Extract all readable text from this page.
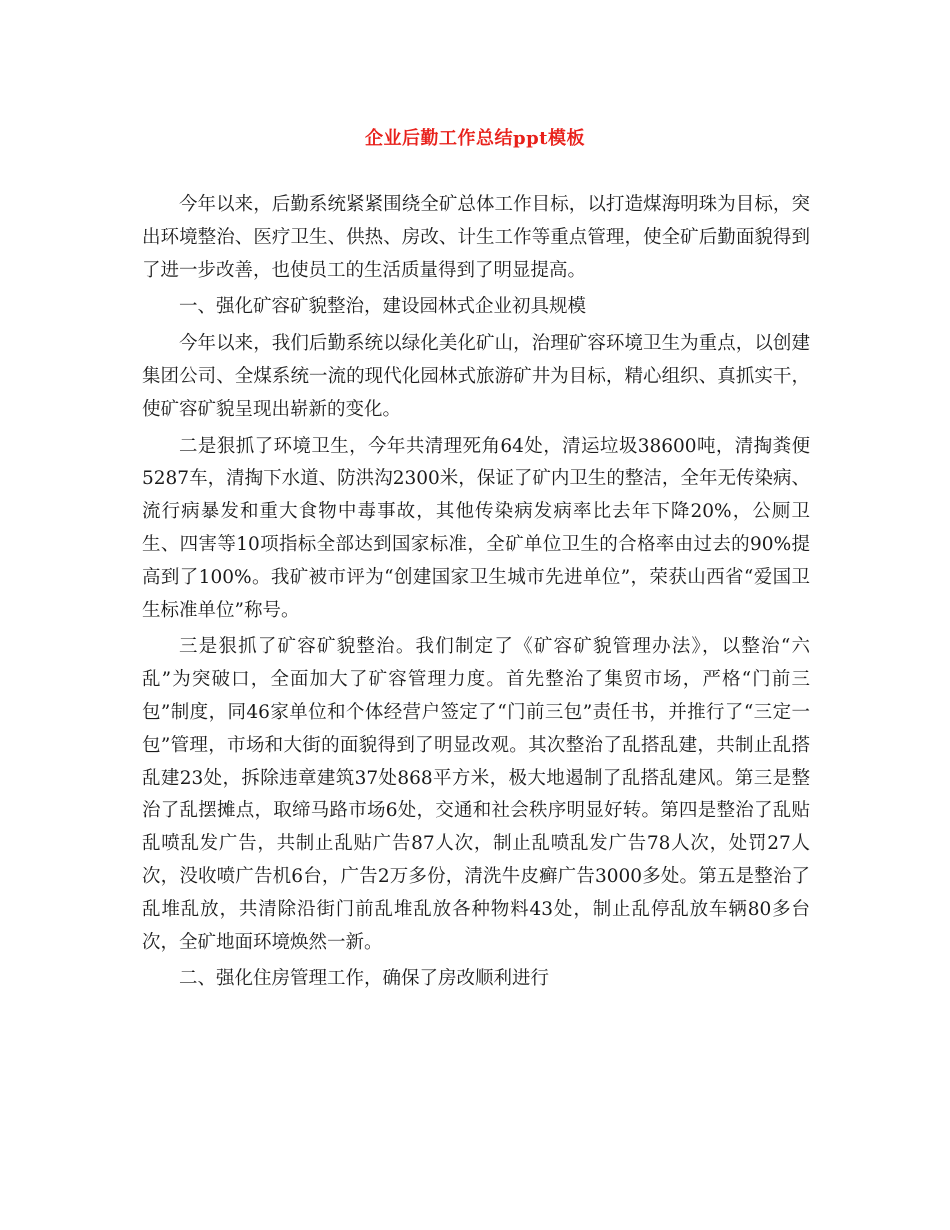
企业后勤工作总结ppt模板

今年以来，后勤系统紧紧围绕全矿总体工作目标，以打造煤海明珠为目标，突出环境整治、医疗卫生、供热、房改、计生工作等重点管理，使全矿后勤面貌得到了进一步改善，也使员工的生活质量得到了明显提高。

一、强化矿容矿貌整治，建设园林式企业初具规模

今年以来，我们后勤系统以绿化美化矿山，治理矿容环境卫生为重点，以创建集团公司、全煤系统一流的现代化园林式旅游矿井为目标，精心组织、真抓实干，使矿容矿貌呈现出崭新的变化。

二是狠抓了环境卫生，今年共清理死角64处，清运垃圾38600吨，清掏粪便5287车，清掏下水道、防洪沟2300米，保证了矿内卫生的整洁，全年无传染病、流行病暴发和重大食物中毒事故，其他传染病发病率比去年下降20%，公厕卫生、四害等10项指标全部达到国家标准，全矿单位卫生的合格率由过去的90%提高到了100%。我矿被市评为“创建国家卫生城市先进单位”，荣获山西省“爱国卫生标准单位”称号。

三是狠抓了矿容矿貌整治。我们制定了《矿容矿貌管理办法》，以整治“六乱”为突破口，全面加大了矿容管理力度。首先整治了集贸市场，严格“门前三包”制度，同46家单位和个体经营户签定了“门前三包”责任书，并推行了“三定一包”管理，市场和大街的面貌得到了明显改观。其次整治了乱搭乱建，共制止乱搭乱建23处，拆除违章建筑37处868平方米，极大地遏制了乱搭乱建风。第三是整治了乱摆摊点，取缔马路市场6处，交通和社会秩序明显好转。第四是整治了乱贴乱喷乱发广告，共制止乱贴广告87人次，制止乱喷乱发广告78人次，处罚27人次，没收喷广告机6台，广告2万多份，清洗牛皮癣广告3000多处。第五是整治了乱堆乱放，共清除沿街门前乱堆乱放各种物料43处，制止乱停乱放车辆80多台次，全矿地面环境焕然一新。

二、强化住房管理工作，确保了房改顺利进行
